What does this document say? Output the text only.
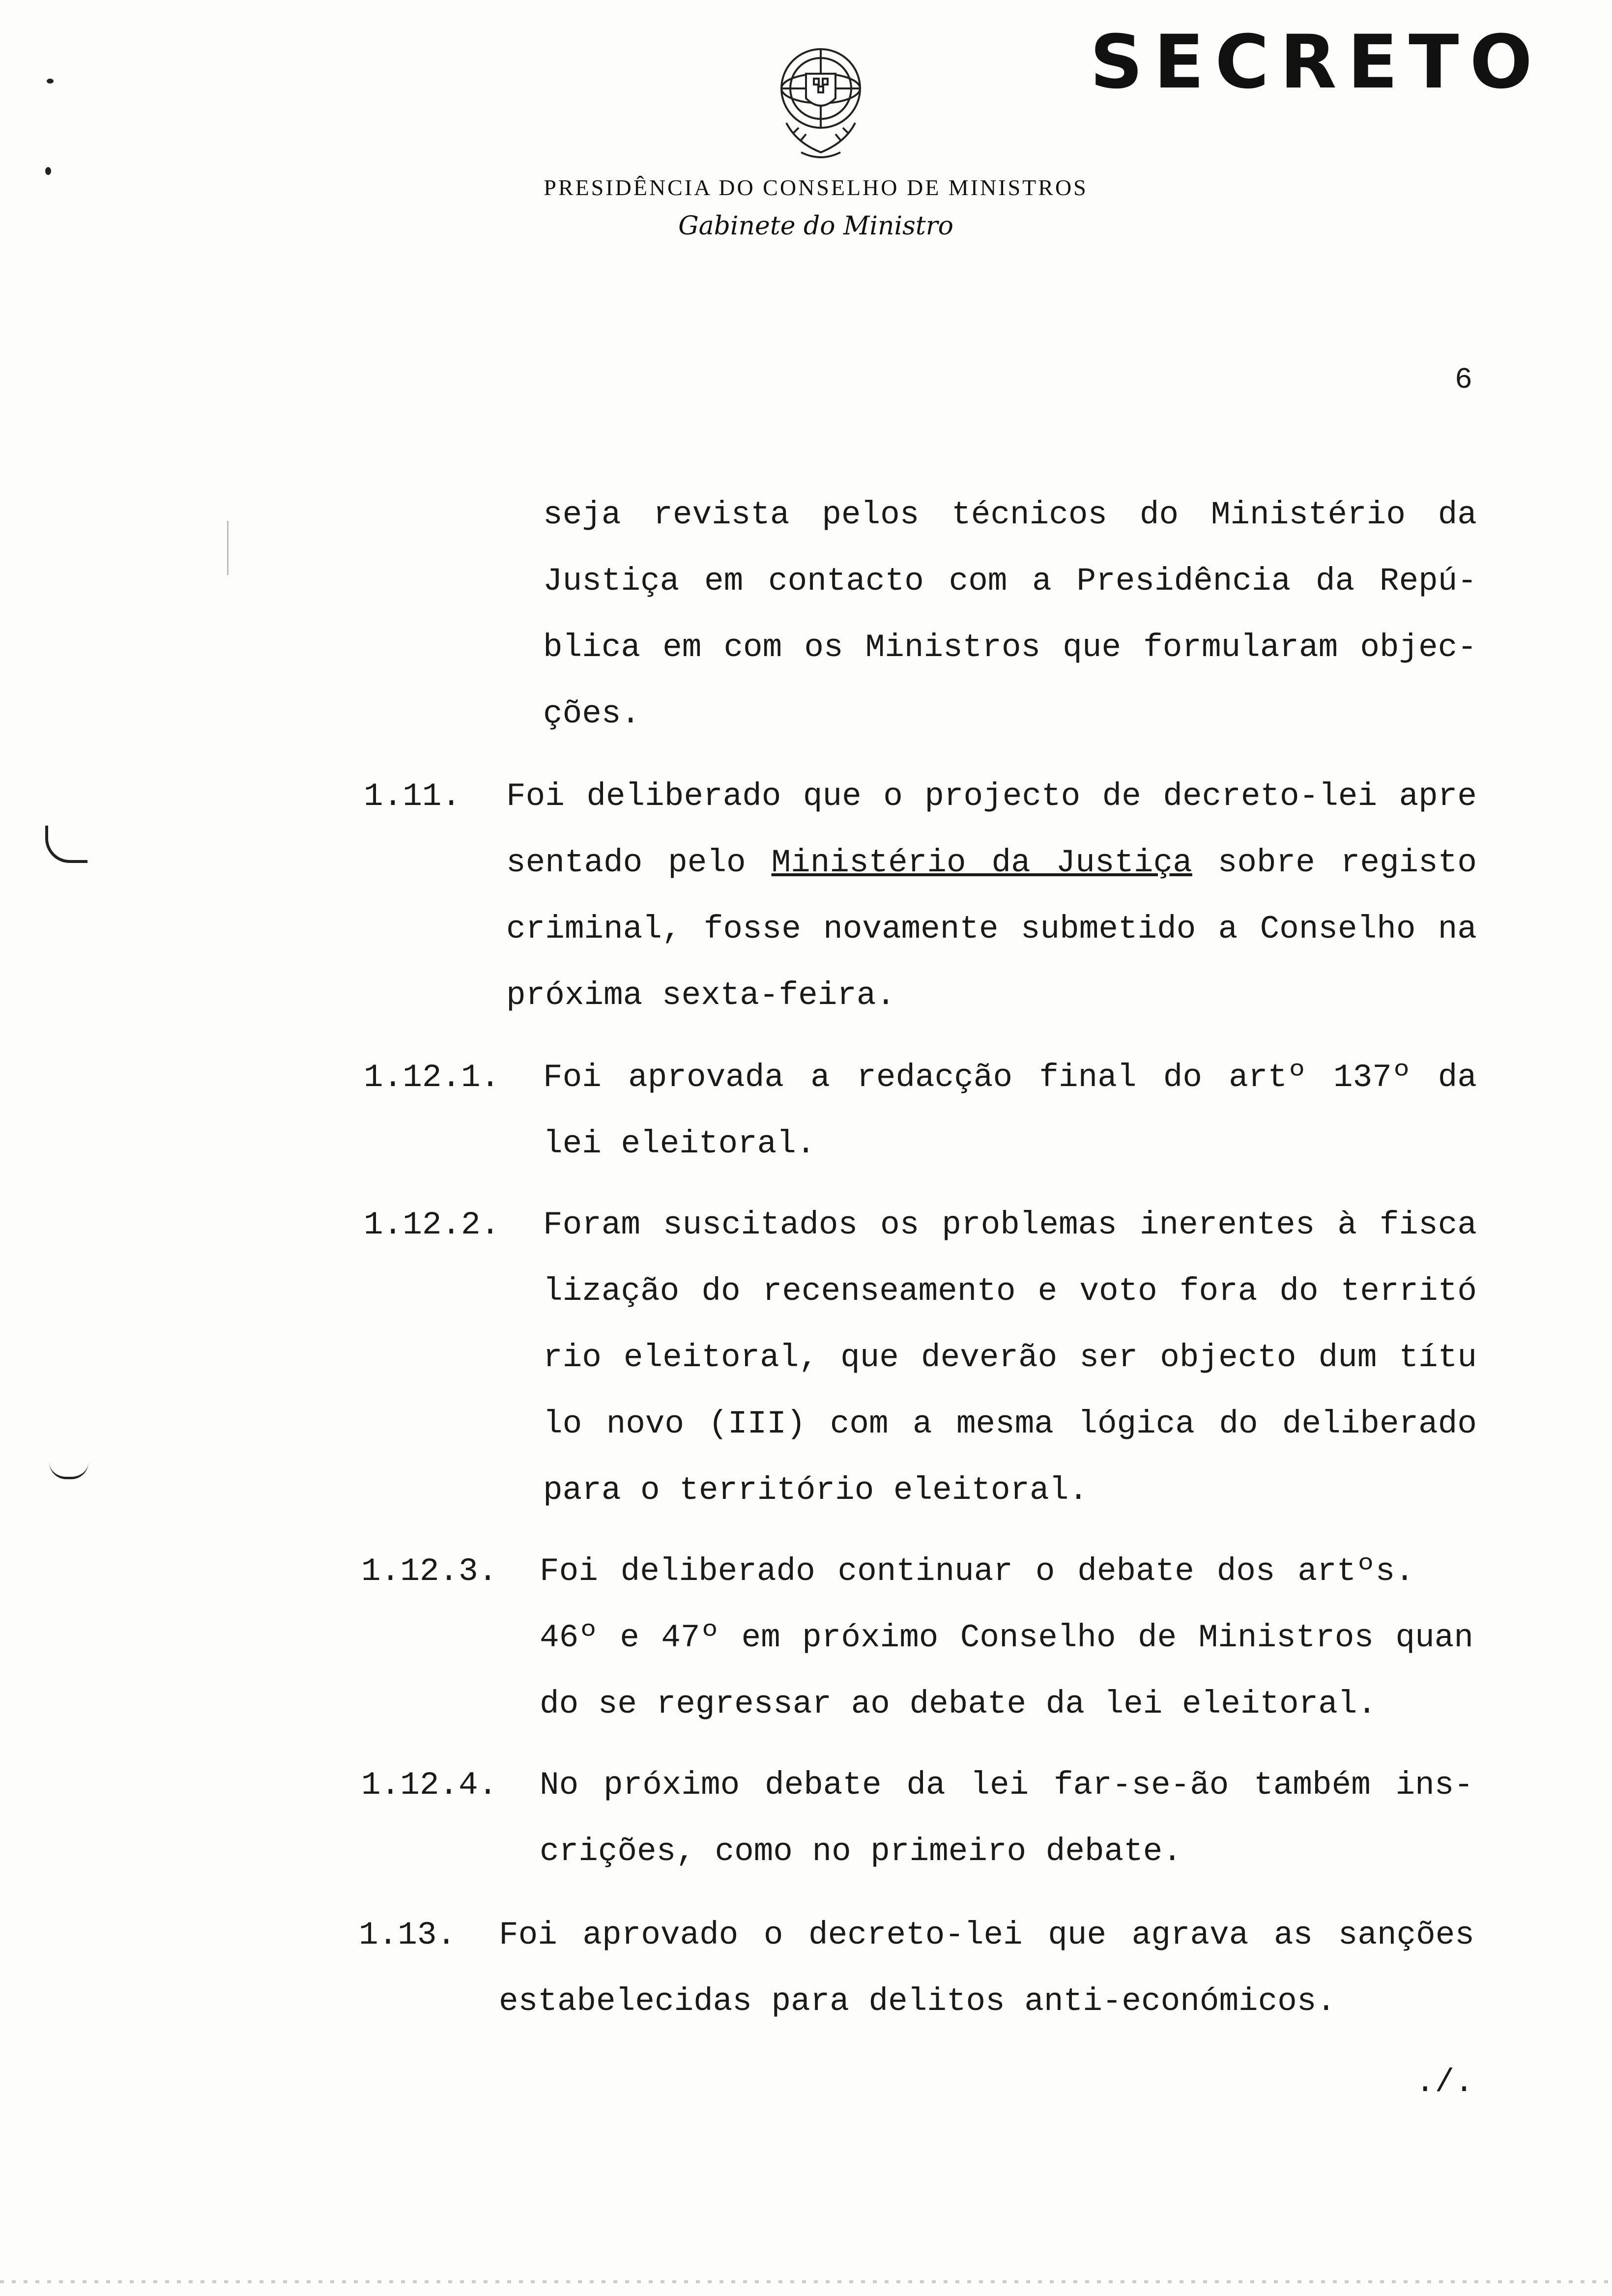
SECRETO
PRESIDÊNCIA DO CONSELHO DE MINISTROS
Gabinete do Ministro
6
seja revista pelos técnicos do Ministério da
Justiça em contacto com a Presidência da Repú-
blica em com os Ministros que formularam objec-
ções.
1.11. Foi deliberado que o projecto de decreto-lei apre
sentado pelo Ministério da Justiça sobre registo
criminal, fosse novamente submetido a Conselho na
próxima sexta-feira.
1.12.1. Foi aprovada a redacção final do artº 137º da
lei eleitoral.
1.12.2. Foram suscitados os problemas inerentes à fisca
lização do recenseamento e voto fora do territó
rio eleitoral, que deverão ser objecto dum títu
lo novo (III) com a mesma lógica do deliberado
para o território eleitoral.
1.12.3. Foi deliberado continuar o debate dos artºs.
46º e 47º em próximo Conselho de Ministros quan
do se regressar ao debate da lei eleitoral.
1.12.4. No próximo debate da lei far-se-ão também ins-
crições, como no primeiro debate.
1.13. Foi aprovado o decreto-lei que agrava as sanções
estabelecidas para delitos anti-económicos.
./.
